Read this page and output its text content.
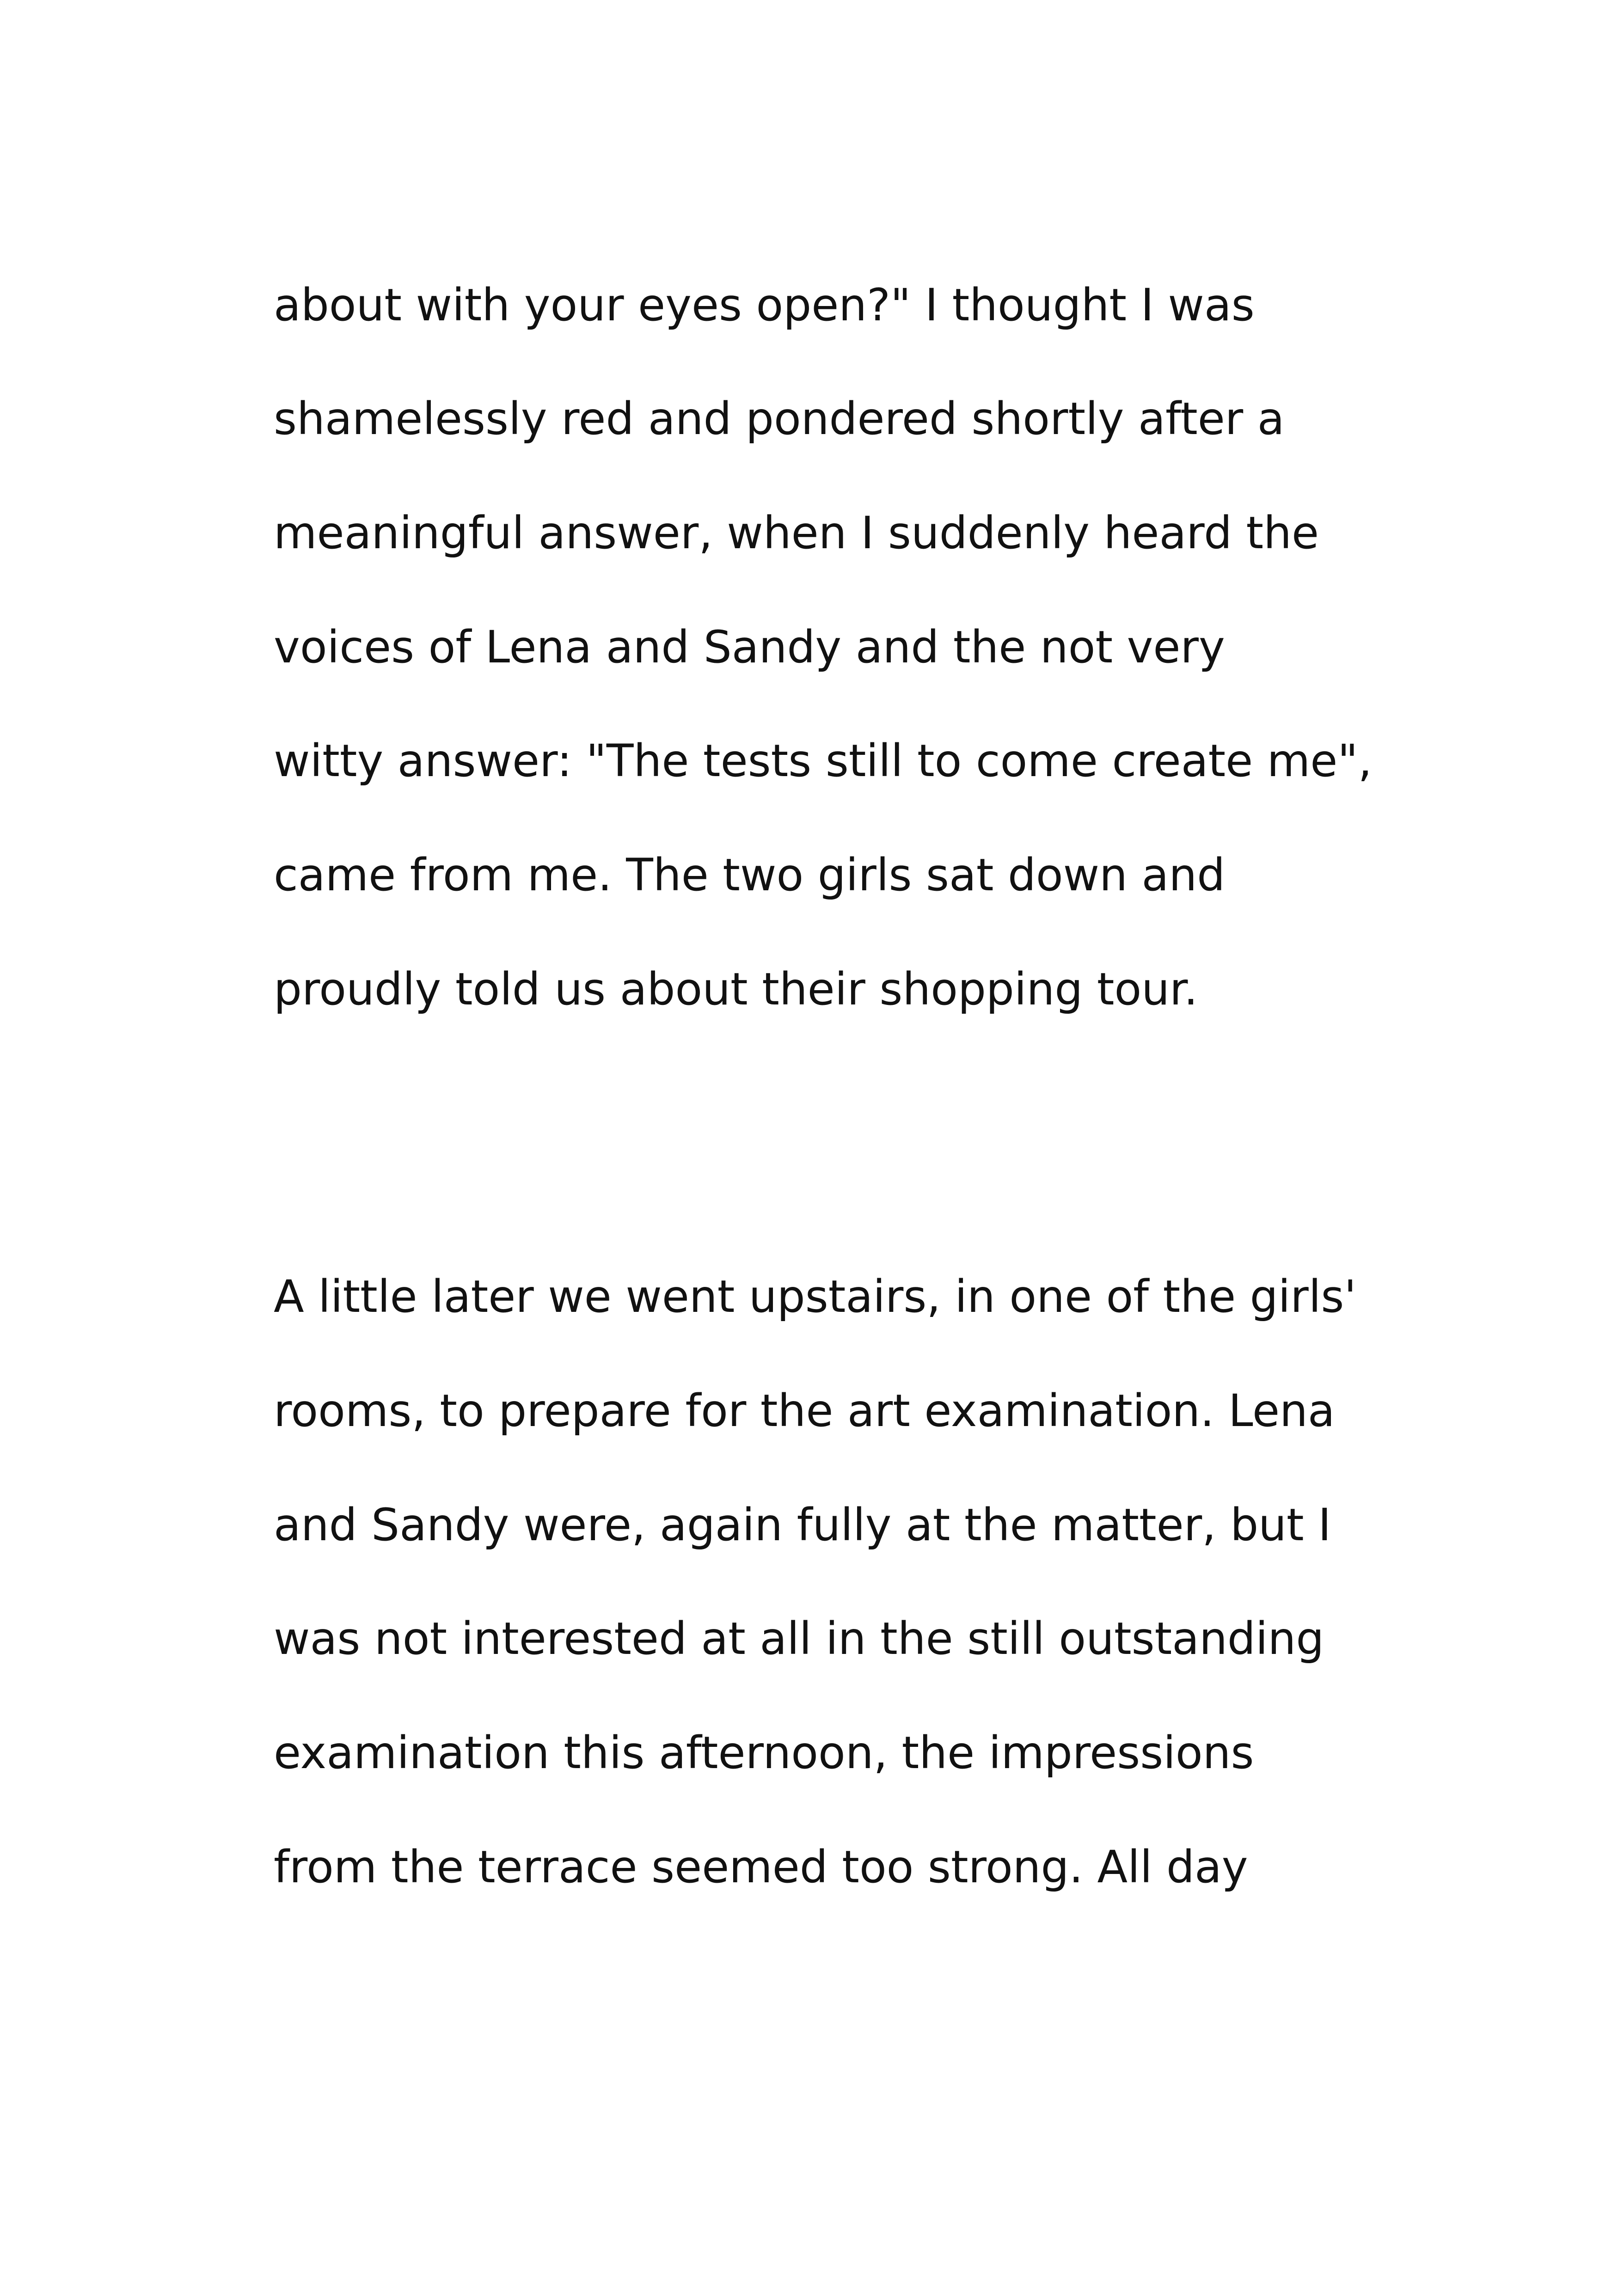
about with your eyes open?" I thought I was

shamelessly red and pondered shortly after a

meaningful answer, when I suddenly heard the

voices of Lena and Sandy and the not very

witty answer: "The tests still to come create me",

came from me. The two girls sat down and

proudly told us about their shopping tour.

A little later we went upstairs, in one of the girls'

rooms, to prepare for the art examination. Lena

and Sandy were, again fully at the matter, but I

was not interested at all in the still outstanding

examination this afternoon, the impressions

from the terrace seemed too strong. All day
